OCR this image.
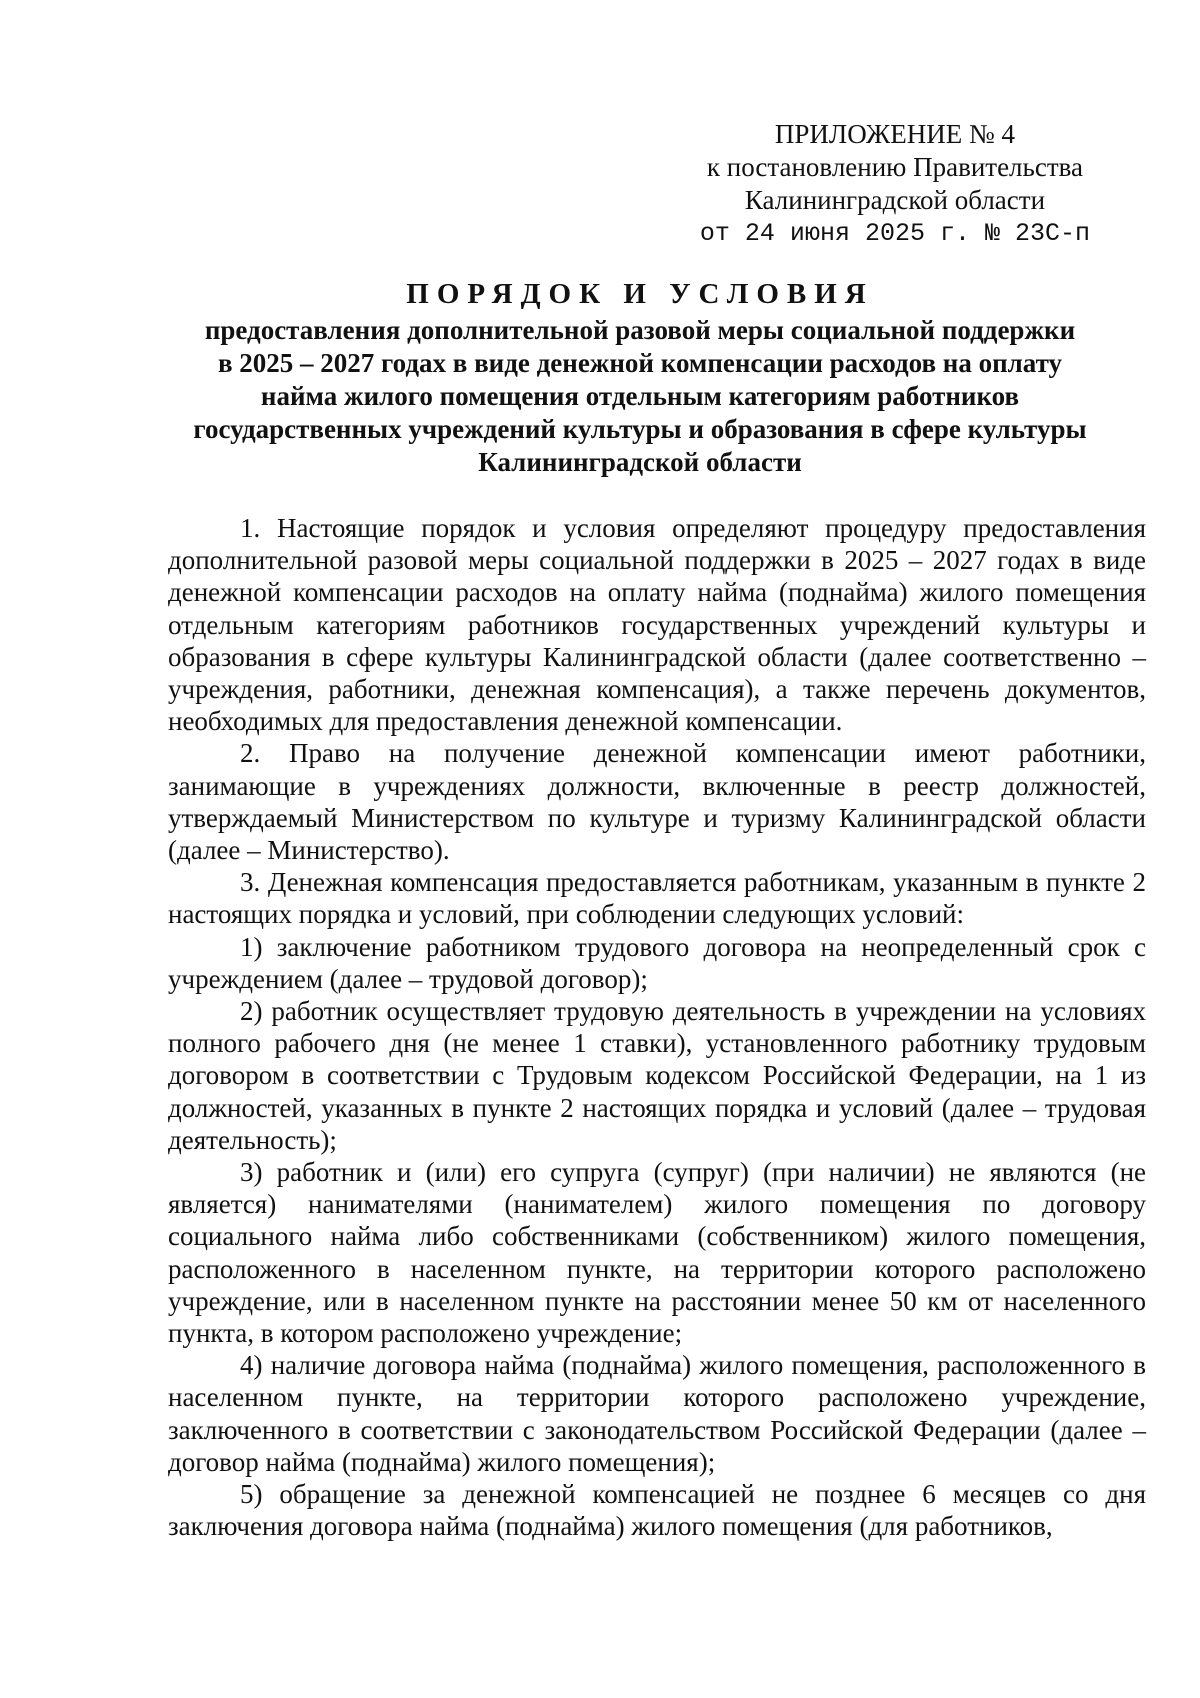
ПРИЛОЖЕНИЕ № 4
к постановлению Правительства
Калининградской области
от 24 июня 2025 г. № 23С-п
ПОРЯДОК И УСЛОВИЯ
предоставления дополнительной разовой меры социальной поддержки
в 2025 – 2027 годах в виде денежной компенсации расходов на оплату
найма жилого помещения отдельным категориям работников
государственных учреждений культуры и образования в сфере культуры
Калининградской области

1. Настоящие порядок и условия определяют процедуру предоставления дополнительной разовой меры социальной поддержки в 2025 – 2027 годах в виде денежной компенсации расходов на оплату найма (поднайма) жилого помещения отдельным категориям работников государственных учреждений культуры и образования в сфере культуры Калининградской области (далее соответственно – учреждения, работники, денежная компенсация), а также перечень документов, необходимых для предоставления денежной компенсации.

2. Право на получение денежной компенсации имеют работники, занимающие в учреждениях должности, включенные в реестр должностей, утверждаемый Министерством по культуре и туризму Калининградской области (далее – Министерство).

3. Денежная компенсация предоставляется работникам, указанным в пункте 2 настоящих порядка и условий, при соблюдении следующих условий:

1) заключение работником трудового договора на неопределенный срок с учреждением (далее – трудовой договор);

2) работник осуществляет трудовую деятельность в учреждении на условиях полного рабочего дня (не менее 1 ставки), установленного работнику трудовым договором в соответствии с Трудовым кодексом Российской Федерации, на 1 из должностей, указанных в пункте 2 настоящих порядка и условий (далее – трудовая деятельность);

3) работник и (или) его супруга (супруг) (при наличии) не являются (не является) нанимателями (нанимателем) жилого помещения по договору социального найма либо собственниками (собственником) жилого помещения, расположенного в населенном пункте, на территории которого расположено учреждение, или в населенном пункте на расстоянии менее 50 км от населенного пункта, в котором расположено учреждение;

4) наличие договора найма (поднайма) жилого помещения, расположенного в населенном пункте, на территории которого расположено учреждение, заключенного в соответствии с законодательством Российской Федерации (далее – договор найма (поднайма) жилого помещения);

5) обращение за денежной компенсацией не позднее 6 месяцев со дня заключения договора найма (поднайма) жилого помещения (для работников,
